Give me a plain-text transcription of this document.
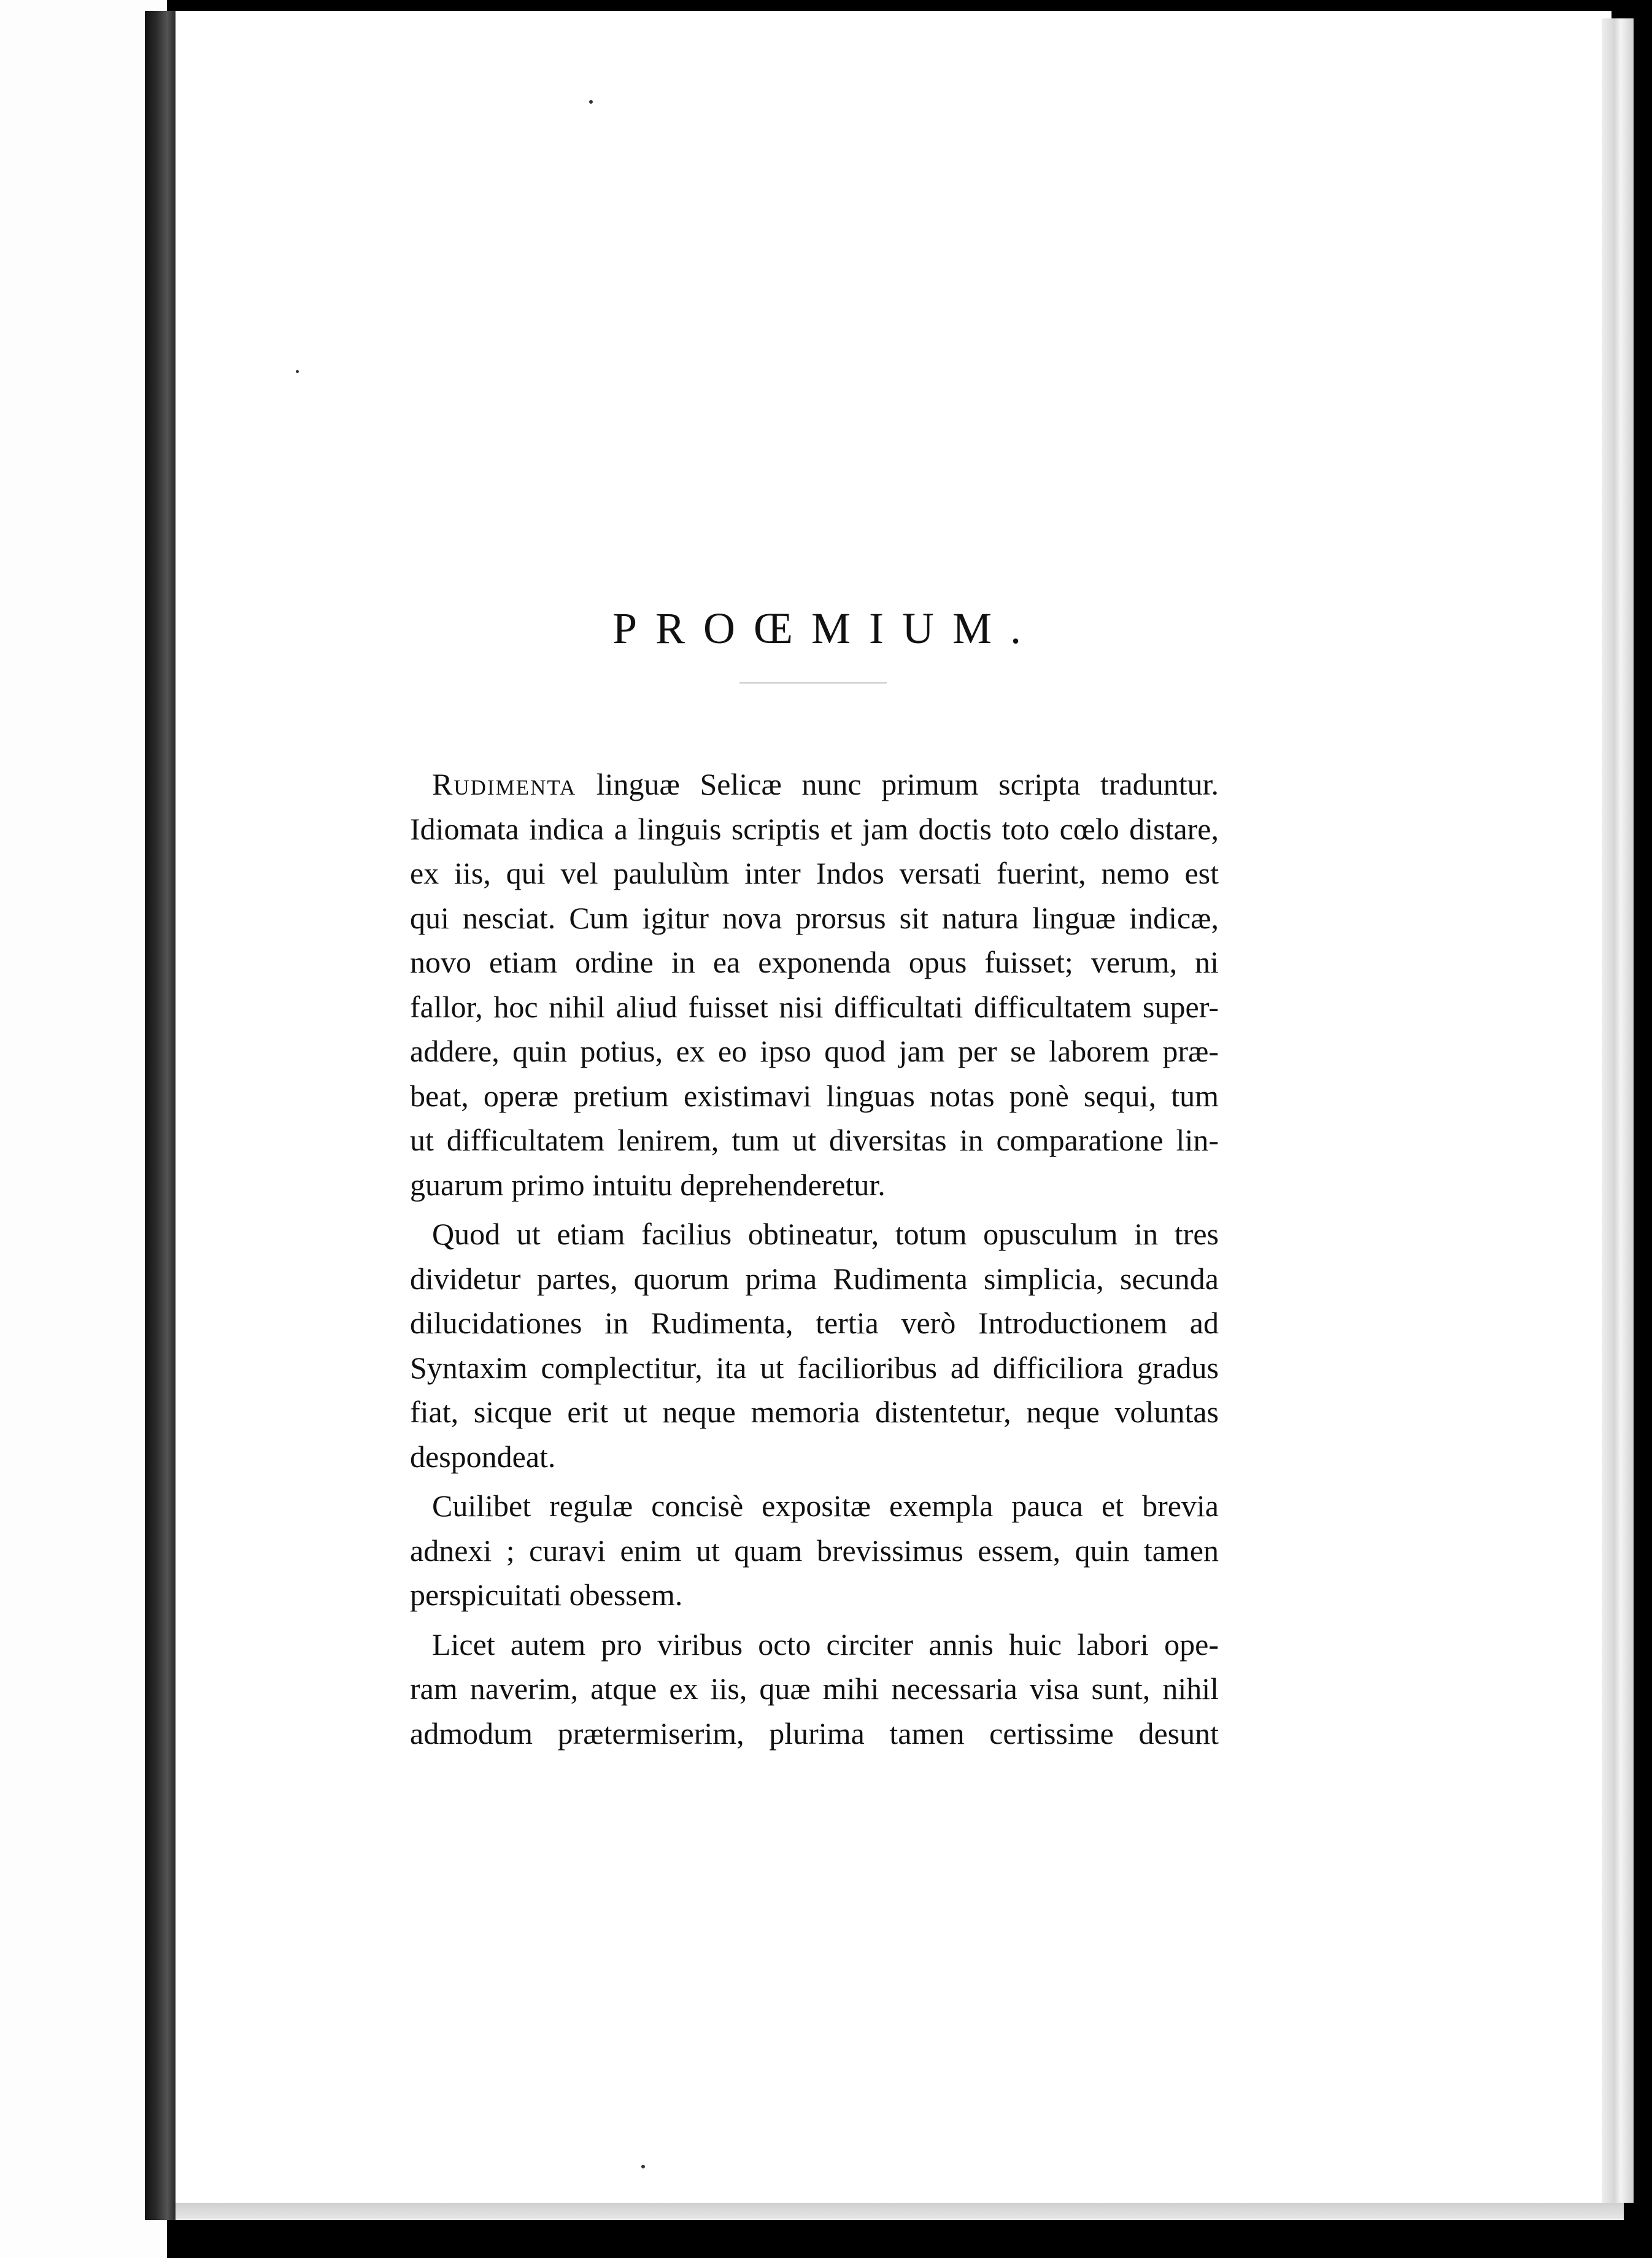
PROŒMIUM.
Rudimenta linguæ Selicæ nunc primum scripta traduntur.
Idiomata indica a linguis scriptis et jam doctis toto cœlo distare,
ex iis, qui vel paululùm inter Indos versati fuerint, nemo est
qui nesciat. Cum igitur nova prorsus sit natura linguæ indicæ,
novo etiam ordine in ea exponenda opus fuisset; verum, ni
fallor, hoc nihil aliud fuisset nisi difficultati difficultatem super-
addere, quin potius, ex eo ipso quod jam per se laborem præ-
beat, operæ pretium existimavi linguas notas ponè sequi, tum
ut difficultatem lenirem, tum ut diversitas in comparatione lin-
guarum primo intuitu deprehenderetur.
Quod ut etiam facilius obtineatur, totum opusculum in tres
dividetur partes, quorum prima Rudimenta simplicia, secunda
dilucidationes in Rudimenta, tertia verò Introductionem ad
Syntaxim complectitur, ita ut facilioribus ad difficiliora gradus
fiat, sicque erit ut neque memoria distentetur, neque voluntas
despondeat.
Cuilibet regulæ concisè expositæ exempla pauca et brevia
adnexi ; curavi enim ut quam brevissimus essem, quin tamen
perspicuitati obessem.
Licet autem pro viribus octo circiter annis huic labori ope-
ram naverim, atque ex iis, quæ mihi necessaria visa sunt, nihil
admodum prætermiserim, plurima tamen certissime desunt
